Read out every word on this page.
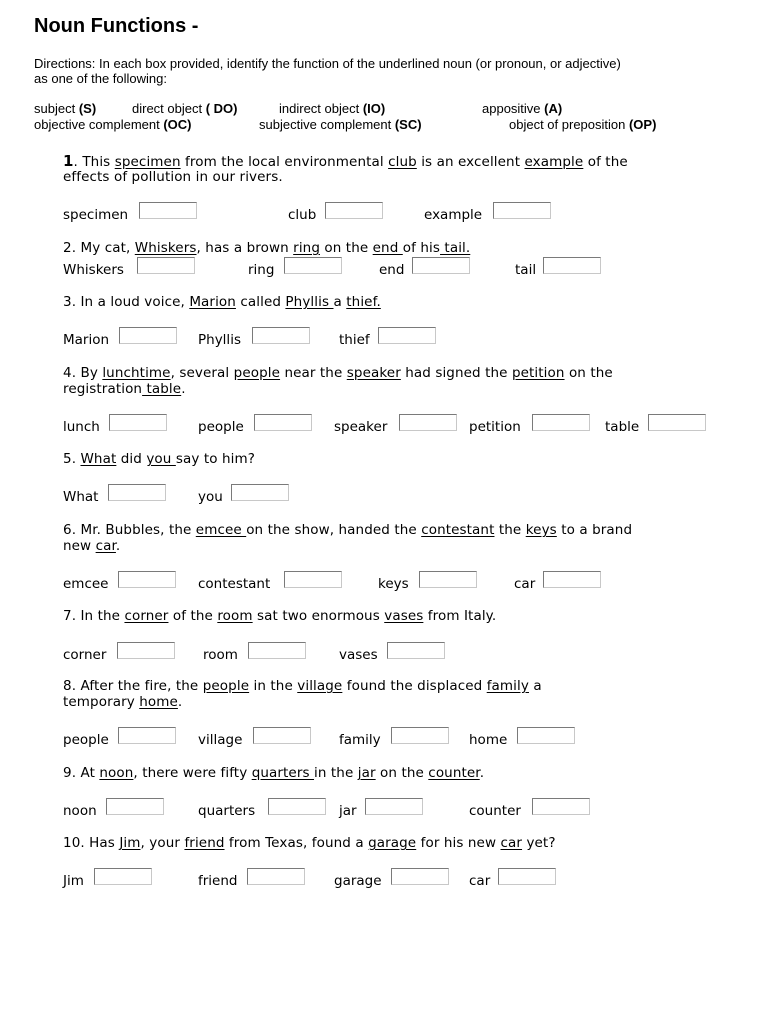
Noun Functions -
Directions: In each box provided, identify the function of the underlined noun (or pronoun, or adjective)
as one of the following:
subject (S)	direct object ( DO)	indirect object (IO)	appositive (A)
objective complement (OC)	subjective complement (SC)	object of preposition (OP)
1. This specimen from the local environmental club is an excellent example of the
effects of pollution in our rivers.
specimen	club	example
2. My cat, Whiskers, has a brown ring on the end of his tail.
Whiskers	ring	end	tail
3. In a loud voice, Marion called Phyllis a thief.
Marion	Phyllis	thief
4. By lunchtime, several people near the speaker had signed the petition on the
registration table.
lunch	people	speaker	petition	table
5. What did you say to him?
What	you
6. Mr. Bubbles, the emcee on the show, handed the contestant the keys to a brand
new car.
emcee	contestant	keys	car
7. In the corner of the room sat two enormous vases from Italy.
corner	room	vases
8. After the fire, the people in the village found the displaced family a
temporary home.
people	village	family	home
9. At noon, there were fifty quarters in the jar on the counter.
noon	quarters	jar	counter
10. Has Jim, your friend from Texas, found a garage for his new car yet?
Jim	friend	garage	car
